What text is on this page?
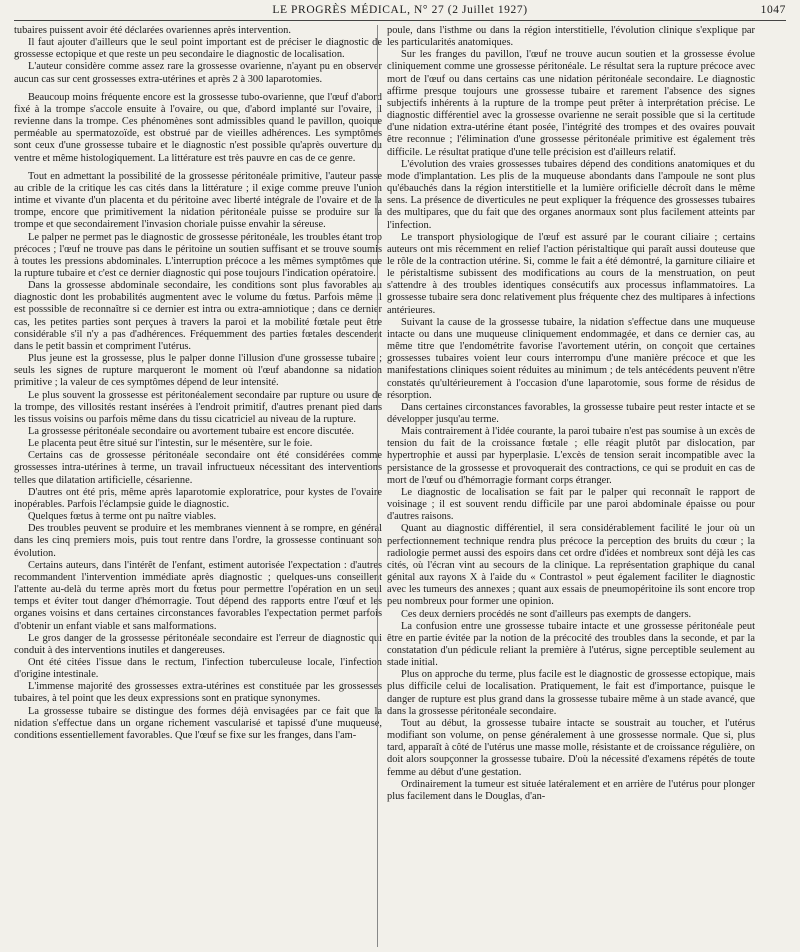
LE PROGRÈS MÉDICAL, N° 27 (2 Juillet 1927)	1047

tubaires puissent avoir été déclarées ovariennes après intervention.

Il faut ajouter d'ailleurs que le seul point important est de préciser le diagnostic de grossesse ectopique et que reste un peu secondaire le diagnostic de localisation.

L'auteur considère comme assez rare la grossesse ovarienne, n'ayant pu en observer aucun cas sur cent grossesses extra-utérines et après 2 à 300 laparotomies.

Beaucoup moins fréquente encore est la grossesse tubo-ovarienne, que l'œuf d'abord fixé à la trompe s'accole ensuite à l'ovaire, ou que, d'abord implanté sur l'ovaire, il revienne dans la trompe. Ces phénomènes sont admissibles quand le pavillon, quoique perméable au spermatozoïde, est obstrué par de vieilles adhérences. Les symptômes sont ceux d'une grossesse tubaire et le diagnostic n'est possible qu'après ouverture du ventre et même histologiquement. La littérature est très pauvre en cas de ce genre.

Tout en admettant la possibilité de la grossesse péritonéale primitive, l'auteur passe au crible de la critique les cas cités dans la littérature ; il exige comme preuve l'union intime et vivante d'un placenta et du péritoine avec liberté intégrale de l'ovaire et de la trompe, encore que primitivement la nidation péritonéale puisse se produire sur la trompe et que secondairement l'invasion choriale puisse envahir la séreuse.

Le palper ne permet pas le diagnostic de grossesse péritonéale, les troubles étant trop précoces ; l'œuf ne trouve pas dans le péritoine un soutien suffisant et se trouve soumis à toutes les pressions abdominales. L'interruption précoce a les mêmes symptômes que la rupture tubaire et c'est ce dernier diagnostic qui pose toujours l'indication opératoire.

Dans la grossesse abdominale secondaire, les conditions sont plus favorables au diagnostic dont les probabilités augmentent avec le volume du fœtus. Parfois même il est posssible de reconnaître si ce dernier est intra ou extra-amniotique ; dans ce dernier cas, les petites parties sont perçues à travers la paroi et la mobilité fœtale peut être considérable s'il n'y a pas d'adhérences. Fréquemment des parties fœtales descendent dans le petit bassin et compriment l'utérus.

Plus jeune est la grossesse, plus le palper donne l'illusion d'une grossesse tubaire ; seuls les signes de rupture marqueront le moment où l'œuf abandonne sa nidation primitive ; la valeur de ces symptômes dépend de leur intensité.

Le plus souvent la grossesse est péritonéalement secondaire par rupture ou usure de la trompe, des villosités restant insérées à l'endroit primitif, d'autres prenant pied dans les tissus voisins ou parfois même dans du tissu cicatriciel au niveau de la rupture.

La grossesse péritonéale secondaire ou avortement tubaire est encore discutée.

Le placenta peut être situé sur l'intestin, sur le mésentère, sur le foie.

Certains cas de grossesse péritonéale secondaire ont été considérées comme grossesses intra-utérines à terme, un travail infructueux nécessitant des interventions telles que dilatation artificielle, césarienne.

D'autres ont été pris, même après laparotomie exploratrice, pour kystes de l'ovaire inopérables. Parfois l'éclampsie guide le diagnostic.

Quelques fœtus à terme ont pu naître viables.

Des troubles peuvent se produire et les membranes viennent à se rompre, en général dans les cinq premiers mois, puis tout rentre dans l'ordre, la grossesse continuant son évolution.

Certains auteurs, dans l'intérêt de l'enfant, estiment autorisée l'expectation : d'autres recommandent l'intervention immédiate après diagnostic ; quelques-uns conseillent l'attente au-delà du terme après mort du fœtus pour permettre l'opération en un seul temps et éviter tout danger d'hémorragie. Tout dépend des rapports entre l'œuf et les organes voisins et dans certaines circonstances favorables l'expectation permet parfois d'obtenir un enfant viable et sans malformations.

Le gros danger de la grossesse péritonéale secondaire est l'erreur de diagnostic qui conduit à des interventions inutiles et dangereuses.

Ont été citées l'issue dans le rectum, l'infection tuberculeuse locale, l'infection d'origine intestinale.

L'immense majorité des grossesses extra-utérines est constituée par les grossesses tubaires, à tel point que les deux expressions sont en pratique synonymes.

La grossesse tubaire se distingue des formes déjà envisagées par ce fait que la nidation s'effectue dans un organe richement vascularisé et tapissé d'une muqueuse, conditions essentiellement favorables. Que l'œuf se fixe sur les franges, dans l'am-

poule, dans l'isthme ou dans la région interstitielle, l'évolution clinique s'explique par les particularités anatomiques.

Sur les franges du pavillon, l'œuf ne trouve aucun soutien et la grossesse évolue cliniquement comme une grossesse péritonéale. Le résultat sera la rupture précoce avec mort de l'œuf ou dans certains cas une nidation péritonéale secondaire. Le diagnostic affirme presque toujours une grossesse tubaire et rarement l'absence des signes subjectifs inhérents à la rupture de la trompe peut prêter à interprétation précise. Le diagnostic différentiel avec la grossesse ovarienne ne serait possible que si la certitude d'une nidation extra-utérine étant posée, l'intégrité des trompes et des ovaires pouvait être reconnue ; l'élimination d'une grossesse péritonéale primitive est également très difficile. Le résultat pratique d'une telle précision est d'ailleurs relatif.

L'évolution des vraies grossesses tubaires dépend des conditions anatomiques et du mode d'implantation. Les plis de la muqueuse abondants dans l'ampoule ne sont plus qu'ébauchés dans la région interstitielle et la lumière orificielle décroît dans le même sens. La présence de diverticules ne peut expliquer la fréquence des grossesses tubaires des multipares, que du fait que des organes anormaux sont plus facilement atteints par l'infection.

Le transport physiologique de l'œuf est assuré par le courant ciliaire ; certains auteurs ont mis récemment en relief l'action péristaltique qui paraît aussi douteuse que le rôle de la contraction utérine. Si, comme le fait a été démontré, la garniture ciliaire et le péristaltisme subissent des modifications au cours de la menstruation, on peut s'attendre à des troubles identiques consécutifs aux processus inflammatoires. La grossesse tubaire sera donc relativement plus fréquente chez des multipares à infections antérieures.

Suivant la cause de la grossesse tubaire, la nidation s'effectue dans une muqueuse intacte ou dans une muqueuse cliniquement endommagée, et dans ce dernier cas, au même titre que l'endométrite favorise l'avortement utérin, on conçoit que certaines grossesses tubaires voient leur cours interrompu d'une manière précoce et que les manifestations cliniques soient réduites au minimum ; de tels antécédents peuvent n'être constatés qu'ultérieurement à l'occasion d'une laparotomie, sous forme de résidus de résorption.

Dans certaines circonstances favorables, la grossesse tubaire peut rester intacte et se développer jusqu'au terme.

Mais contrairement à l'idée courante, la paroi tubaire n'est pas soumise à un excès de tension du fait de la croissance fœtale ; elle réagit plutôt par dislocation, par hypertrophie et aussi par hyperplasie. L'excès de tension serait incompatible avec la persistance de la grossesse et provoquerait des contractions, ce qui se produit en cas de mort de l'œuf ou d'hémorragie formant corps étranger.

Le diagnostic de localisation se fait par le palper qui reconnaît le rapport de voisinage ; il est souvent rendu difficile par une paroi abdominale épaisse ou pour d'autres raisons.

Quant au diagnostic différentiel, il sera considérablement facilité le jour où un perfectionnement technique rendra plus précoce la perception des bruits du cœur ; la radiologie permet aussi des espoirs dans cet ordre d'idées et nombreux sont déjà les cas cités, où l'écran vint au secours de la clinique. La représentation graphique du canal génital aux rayons X à l'aide du « Contrastol » peut également faciliter le diagnostic avec les tumeurs des annexes ; quant aux essais de pneumopéritoine ils sont encore trop peu nombreux pour former une opinion.

Ces deux derniers procédés ne sont d'ailleurs pas exempts de dangers.

La confusion entre une grossesse tubaire intacte et une grossesse péritonéale peut être en partie évitée par la notion de la précocité des troubles dans la seconde, et par la constatation d'un pédicule reliant la première à l'utérus, signe perceptible seulement au stade initial.

Plus on approche du terme, plus facile est le diagnostic de grossesse ectopique, mais plus difficile celui de localisation. Pratiquement, le fait est d'importance, puisque le danger de rupture est plus grand dans la grossesse tubaire même à un stade avancé, que dans la grossesse péritonéale secondaire.

Tout au début, la grossesse tubaire intacte se soustrait au toucher, et l'utérus modifiant son volume, on pense généralement à une grossesse normale. Que si, plus tard, apparaît à côté de l'utérus une masse molle, résistante et de croissance régulière, on doit alors soupçonner la grossesse tubaire. D'où la nécessité d'examens répétés de toute femme au début d'une gestation.

Ordinairement la tumeur est située latéralement et en arrière de l'utérus pour plonger plus facilement dans le Douglas, d'an-
